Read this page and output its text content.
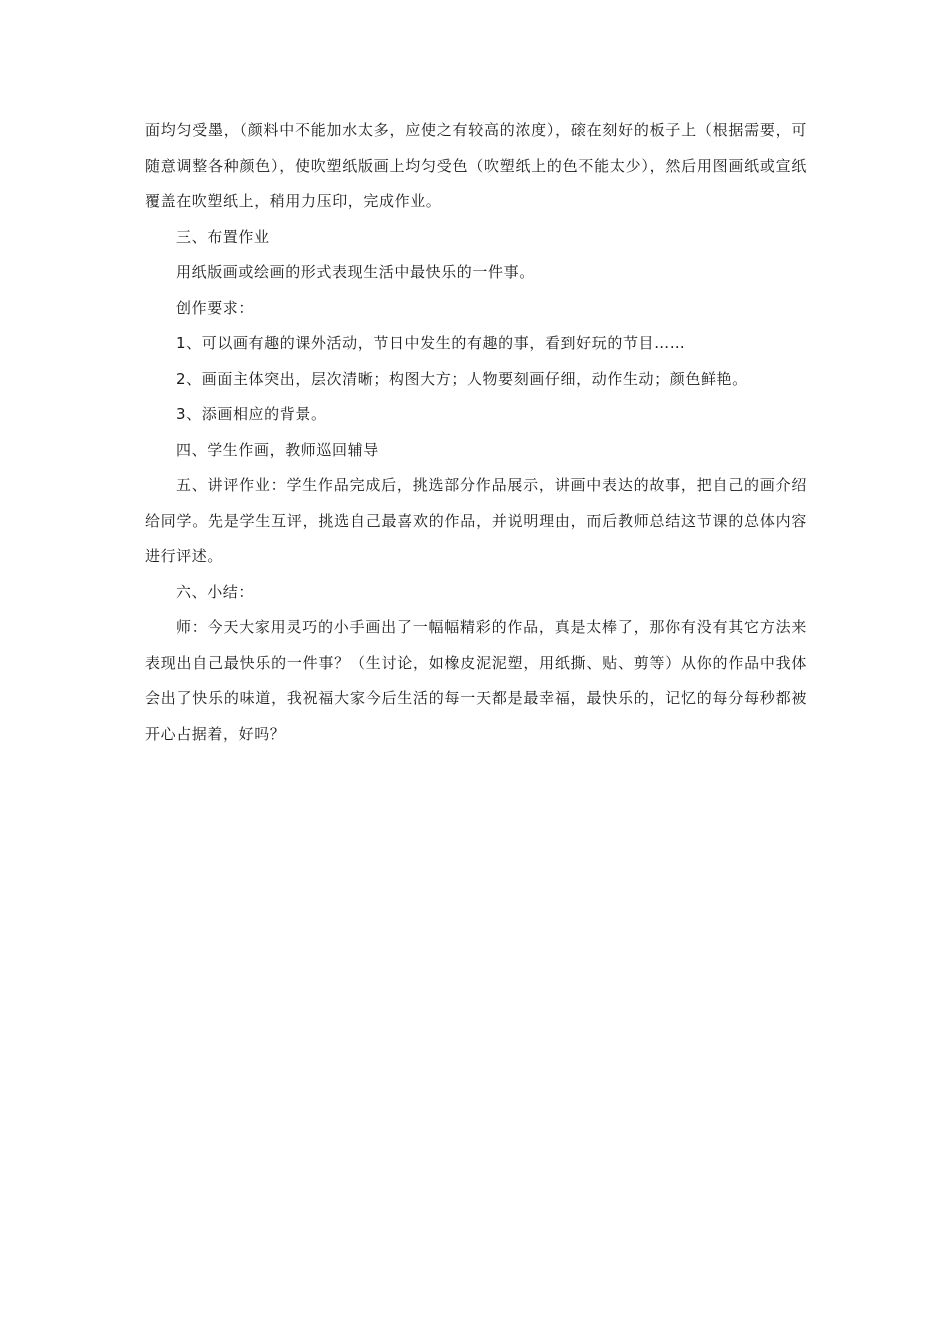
面均匀受墨，（颜料中不能加水太多，应使之有较高的浓度），磙在刻好的板子上（根据需要，可随意调整各种颜色），使吹塑纸版画上均匀受色（吹塑纸上的色不能太少），然后用图画纸或宣纸覆盖在吹塑纸上，稍用力压印，完成作业。

三、布置作业

用纸版画或绘画的形式表现生活中最快乐的一件事。

创作要求：

1、可以画有趣的课外活动，节日中发生的有趣的事，看到好玩的节目……

2、画面主体突出，层次清晰；构图大方；人物要刻画仔细，动作生动；颜色鲜艳。

3、添画相应的背景。

四、学生作画，教师巡回辅导

五、讲评作业：学生作品完成后，挑选部分作品展示，讲画中表达的故事，把自己的画介绍给同学。先是学生互评，挑选自己最喜欢的作品，并说明理由，而后教师总结这节课的总体内容进行评述。

六、小结：

师：今天大家用灵巧的小手画出了一幅幅精彩的作品，真是太棒了，那你有没有其它方法来表现出自己最快乐的一件事？（生讨论，如橡皮泥泥塑，用纸撕、贴、剪等）从你的作品中我体会出了快乐的味道，我祝福大家今后生活的每一天都是最幸福，最快乐的，记忆的每分每秒都被开心占据着，好吗？
